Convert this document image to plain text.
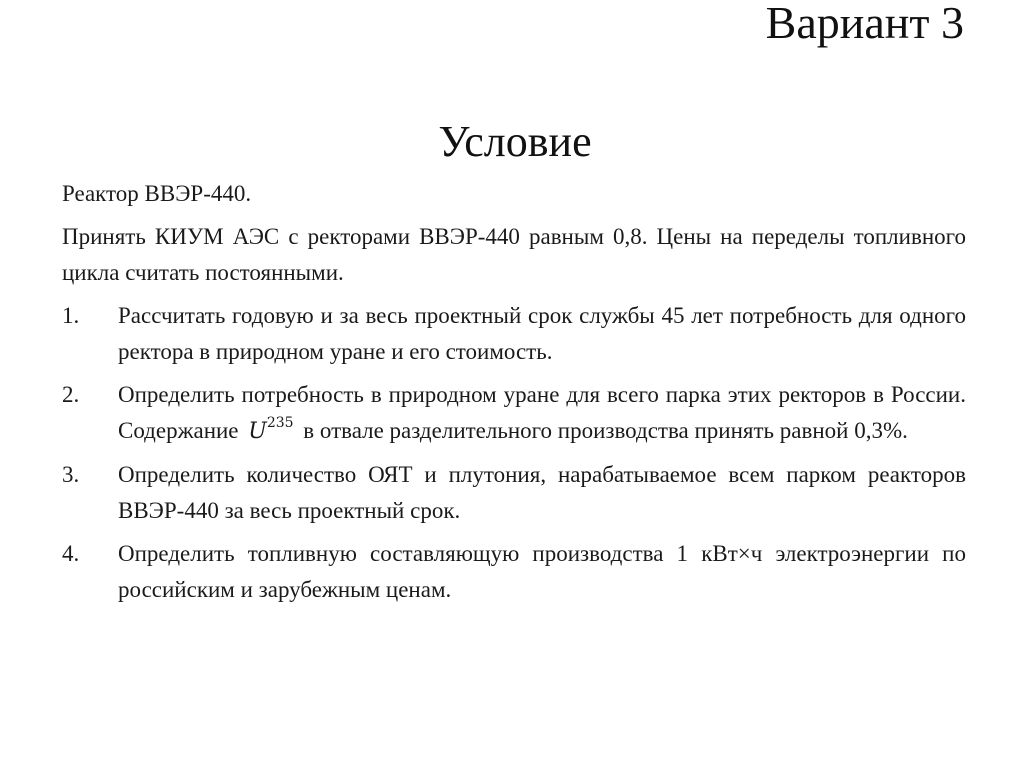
Вариант 3
Условие

Реактор ВВЭР-440.

Принять КИУМ АЭС с ректорами ВВЭР-440 равным 0,8. Цены на переделы топливного цикла считать постоянными.

1. Рассчитать годовую и за весь проектный срок службы 45 лет потребность для одного ректора в природном уране и его стоимость.
2. Определить потребность в природном уране для всего парка этих ректоров в России. Содержание $U^{235}$ в отвале разделительного производства принять равной 0,3%.
3. Определить количество ОЯТ и плутония, нарабатываемое всем парком реакторов ВВЭР-440 за весь проектный срок.
4. Определить топливную составляющую производства 1 кВт×ч электроэнергии по российским и зарубежным ценам.
